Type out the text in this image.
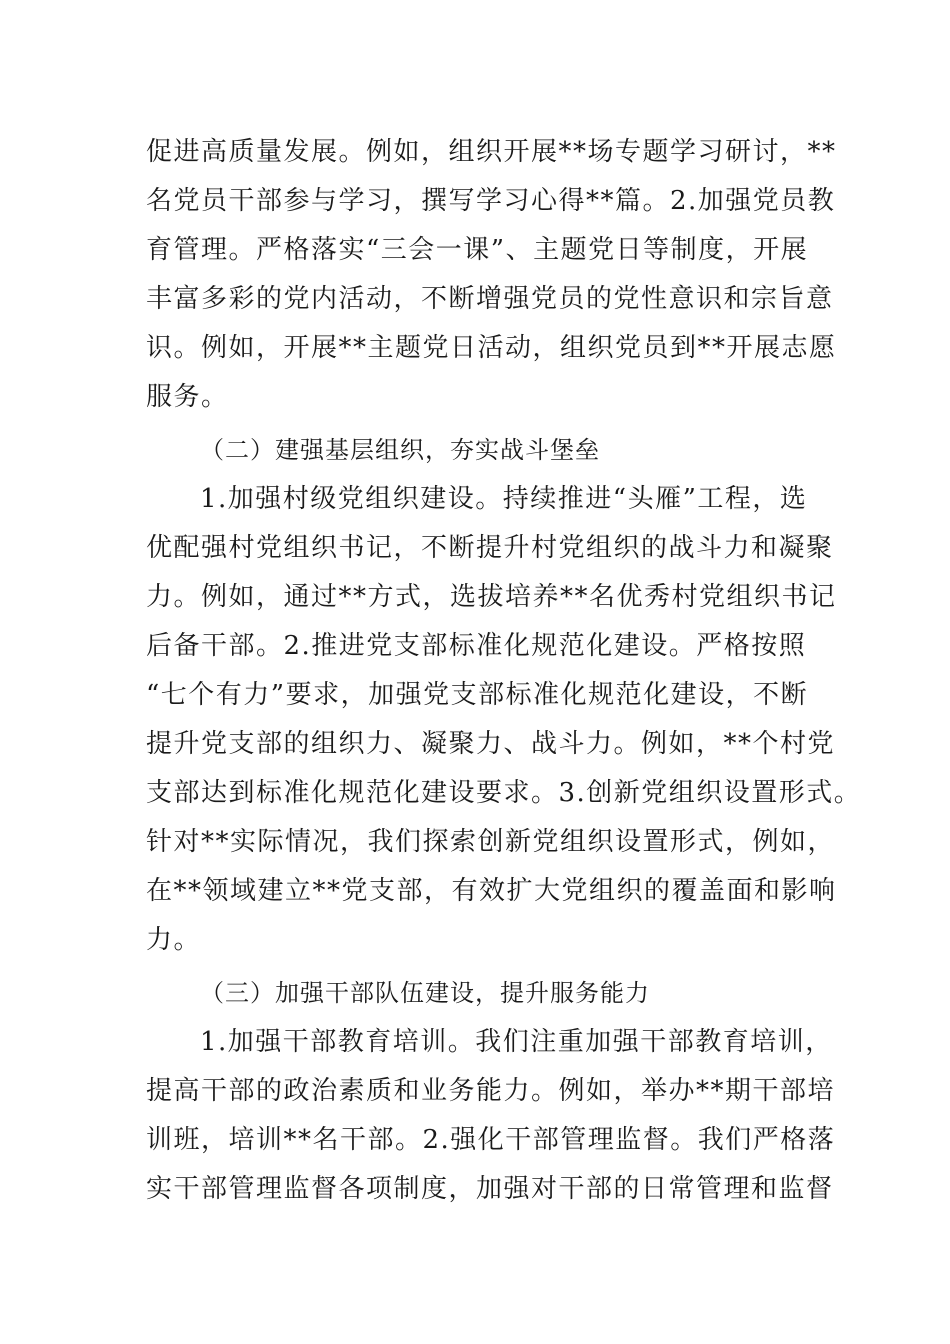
促进高质量发展。例如，组织开展**场专题学习研讨，**
名党员干部参与学习，撰写学习心得**篇。2.加强党员教
育管理。严格落实“三会一课”、主题党日等制度，开展
丰富多彩的党内活动，不断增强党员的党性意识和宗旨意
识。例如，开展**主题党日活动，组织党员到**开展志愿
服务。
（二）建强基层组织，夯实战斗堡垒
1.加强村级党组织建设。持续推进“头雁”工程，选
优配强村党组织书记，不断提升村党组织的战斗力和凝聚
力。例如，通过**方式，选拔培养**名优秀村党组织书记
后备干部。2.推进党支部标准化规范化建设。严格按照
“七个有力”要求，加强党支部标准化规范化建设，不断
提升党支部的组织力、凝聚力、战斗力。例如，**个村党
支部达到标准化规范化建设要求。3.创新党组织设置形式。
针对**实际情况，我们探索创新党组织设置形式，例如，
在**领域建立**党支部，有效扩大党组织的覆盖面和影响
力。
（三）加强干部队伍建设，提升服务能力
1.加强干部教育培训。我们注重加强干部教育培训，
提高干部的政治素质和业务能力。例如，举办**期干部培
训班，培训**名干部。2.强化干部管理监督。我们严格落
实干部管理监督各项制度，加强对干部的日常管理和监督
